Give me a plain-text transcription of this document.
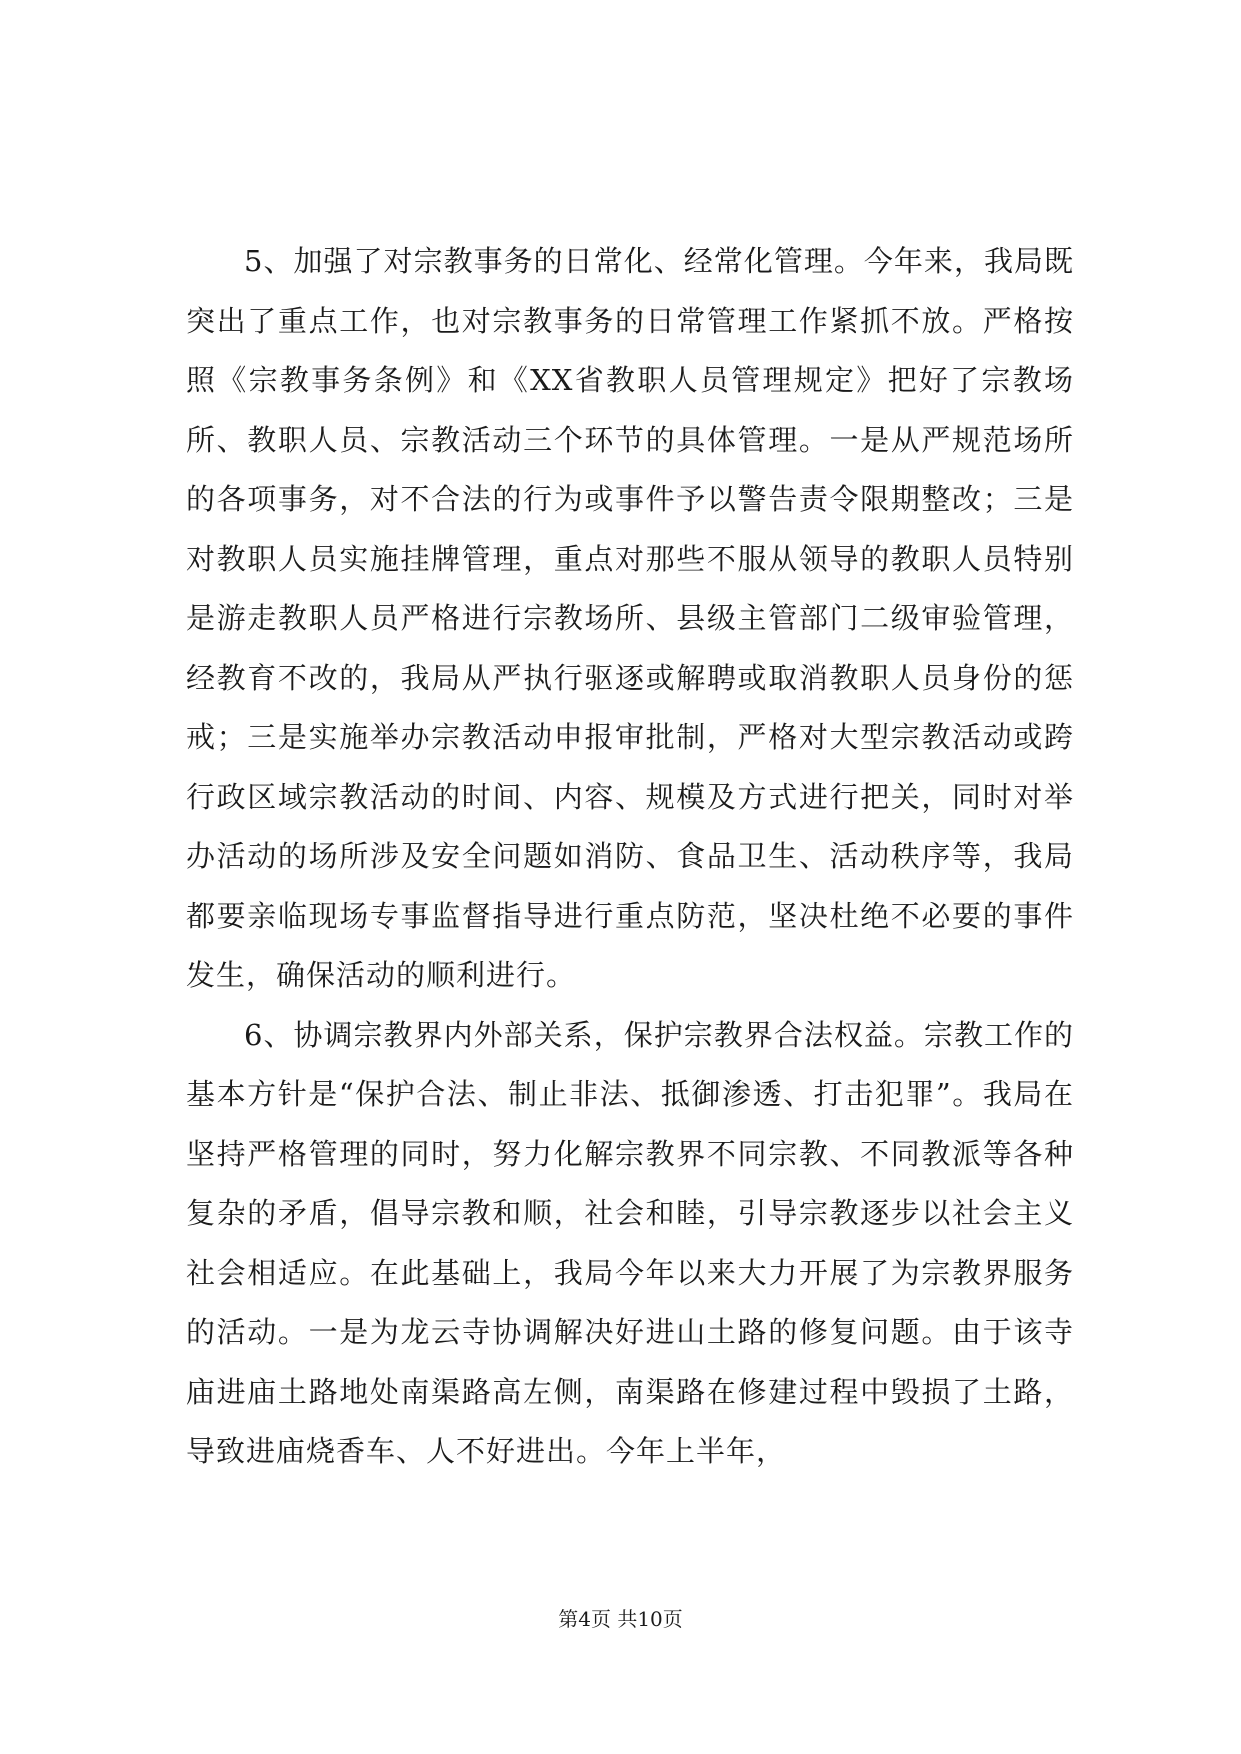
5、加强了对宗教事务的日常化、经常化管理。今年来，我局既突出了重点工作，也对宗教事务的日常管理工作紧抓不放。严格按照《宗教事务条例》和《XX省教职人员管理规定》把好了宗教场所、教职人员、宗教活动三个环节的具体管理。一是从严规范场所的各项事务，对不合法的行为或事件予以警告责令限期整改；三是对教职人员实施挂牌管理，重点对那些不服从领导的教职人员特别是游走教职人员严格进行宗教场所、县级主管部门二级审验管理，经教育不改的，我局从严执行驱逐或解聘或取消教职人员身份的惩戒；三是实施举办宗教活动申报审批制，严格对大型宗教活动或跨行政区域宗教活动的时间、内容、规模及方式进行把关，同时对举办活动的场所涉及安全问题如消防、食品卫生、活动秩序等，我局都要亲临现场专事监督指导进行重点防范，坚决杜绝不必要的事件发生，确保活动的顺利进行。

6、协调宗教界内外部关系，保护宗教界合法权益。宗教工作的基本方针是“保护合法、制止非法、抵御渗透、打击犯罪”。我局在坚持严格管理的同时，努力化解宗教界不同宗教、不同教派等各种复杂的矛盾，倡导宗教和顺，社会和睦，引导宗教逐步以社会主义社会相适应。在此基础上，我局今年以来大力开展了为宗教界服务的活动。一是为龙云寺协调解决好进山土路的修复问题。由于该寺庙进庙土路地处南渠路高左侧，南渠路在修建过程中毁损了土路，导致进庙烧香车、人不好进出。今年上半年，

第4页 共10页
